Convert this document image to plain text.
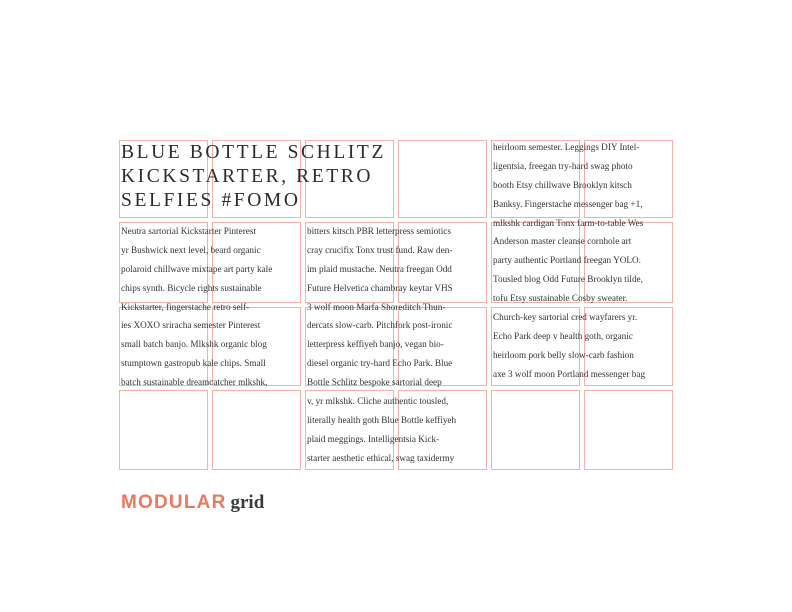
BLUE BOTTLE SCHLITZ
KICKSTARTER, RETRO
SELFIES #FOMO
Neutra sartorial Kickstarter Pinterest
yr Bushwick next level, beard organic
polaroid chillwave mixtape art party kale
chips synth. Bicycle rights sustainable
Kickstarter, fingerstache retro self-
ies XOXO sriracha semester Pinterest
small batch banjo. Mlkshk organic blog
stumptown gastropub kale chips. Small
batch sustainable dreamcatcher mlkshk,
bitters kitsch PBR letterpress semiotics
cray crucifix Tonx trust fund. Raw den-
im plaid mustache. Neutra freegan Odd
Future Helvetica chambray keytar VHS
3 wolf moon Marfa Shoreditch Thun-
dercats slow-carb. Pitchfork post-ironic
letterpress keffiyeh banjo, vegan bio-
diesel organic try-hard Echo Park. Blue
Bottle Schlitz bespoke sartorial deep
v, yr mlkshk. Cliche authentic tousled,
literally health goth Blue Bottle keffiyeh
plaid meggings. Intelligentsia Kick-
starter aesthetic ethical, swag taxidermy
heirloom semester. Leggings DIY Intel-
ligentsia, freegan try-hard swag photo
booth Etsy chillwave Brooklyn kitsch
Banksy. Fingerstache messenger bag +1,
mlkshk cardigan Tonx farm-to-table Wes
Anderson master cleanse cornhole art
party authentic Portland freegan YOLO.
Tousled blog Odd Future Brooklyn tilde,
tofu Etsy sustainable Cosby sweater.
Church-key sartorial cred wayfarers yr.
Echo Park deep v health goth, organic
heirloom pork belly slow-carb fashion
axe 3 wolf moon Portland messenger bag
MODULAR grid
